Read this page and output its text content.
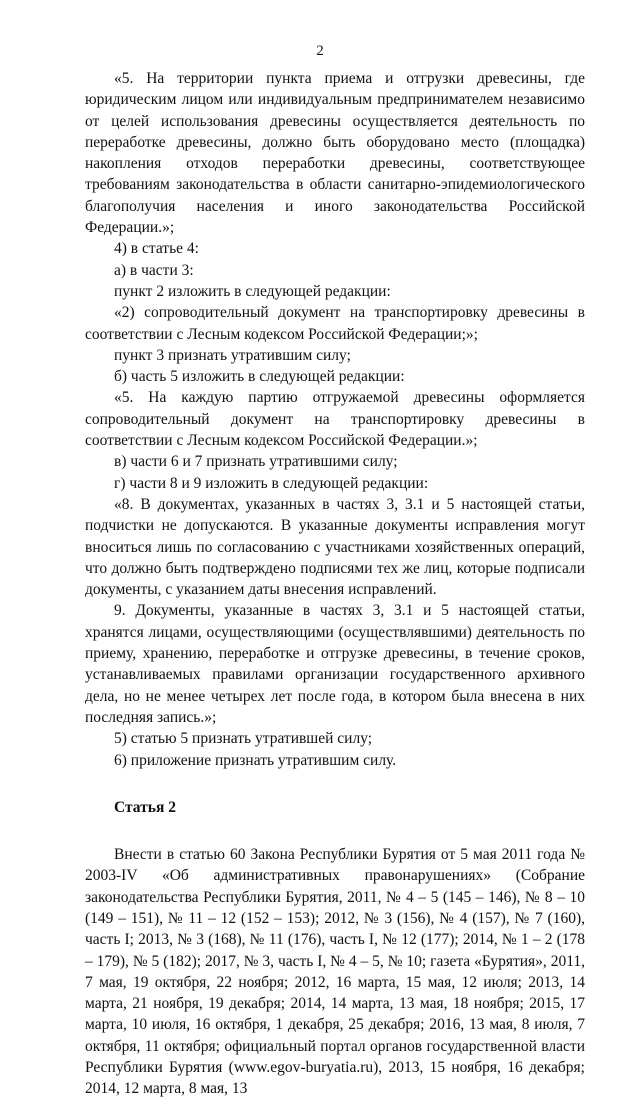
2

«5. На территории пункта приема и отгрузки древесины, где юридическим лицом или индивидуальным предпринимателем независимо от целей использования древесины осуществляется деятельность по переработке древесины, должно быть оборудовано место (площадка) накопления отходов переработки древесины, соответствующее требованиям законодательства в области санитарно-эпидемиологического благополучия населения и иного законодательства Российской Федерации.»;

4) в статье 4:

а) в части 3:

пункт 2 изложить в следующей редакции:

«2) сопроводительный документ на транспортировку древесины в соответствии с Лесным кодексом Российской Федерации;»;

пункт 3 признать утратившим силу;

б) часть 5 изложить в следующей редакции:

«5. На каждую партию отгружаемой древесины оформляется сопроводительный документ на транспортировку древесины в соответствии с Лесным кодексом Российской Федерации.»;

в) части 6 и 7 признать утратившими силу;

г) части 8 и 9 изложить в следующей редакции:

«8. В документах, указанных в частях 3, 3.1 и 5 настоящей статьи, подчистки не допускаются. В указанные документы исправления могут вноситься лишь по согласованию с участниками хозяйственных операций, что должно быть подтверждено подписями тех же лиц, которые подписали документы, с указанием даты внесения исправлений.

9. Документы, указанные в частях 3, 3.1 и 5 настоящей статьи, хранятся лицами, осуществляющими (осуществлявшими) деятельность по приему, хранению, переработке и отгрузке древесины, в течение сроков, устанавливаемых правилами организации государственного архивного дела, но не менее четырех лет после года, в котором была внесена в них последняя запись.»;

5) статью 5 признать утратившей силу;

6) приложение признать утратившим силу.

Статья 2

Внести в статью 60 Закона Республики Бурятия от 5 мая 2011 года № 2003-IV «Об административных правонарушениях» (Собрание законодательства Республики Бурятия, 2011, № 4 – 5 (145 – 146), № 8 – 10 (149 – 151), № 11 – 12 (152 – 153); 2012, № 3 (156), № 4 (157), № 7 (160), часть I; 2013, № 3 (168), № 11 (176), часть I, № 12 (177); 2014, № 1 – 2 (178 – 179), № 5 (182); 2017, № 3, часть I, № 4 – 5, № 10; газета «Бурятия», 2011, 7 мая, 19 октября, 22 ноября; 2012, 16 марта, 15 мая, 12 июля; 2013, 14 марта, 21 ноября, 19 декабря; 2014, 14 марта, 13 мая, 18 ноября; 2015, 17 марта, 10 июля, 16 октября, 1 декабря, 25 декабря; 2016, 13 мая, 8 июля, 7 октября, 11 октября; официальный портал органов государственной власти Республики Бурятия (www.egov-buryatia.ru), 2013, 15 ноября, 16 декабря; 2014, 12 марта, 8 мая, 13
